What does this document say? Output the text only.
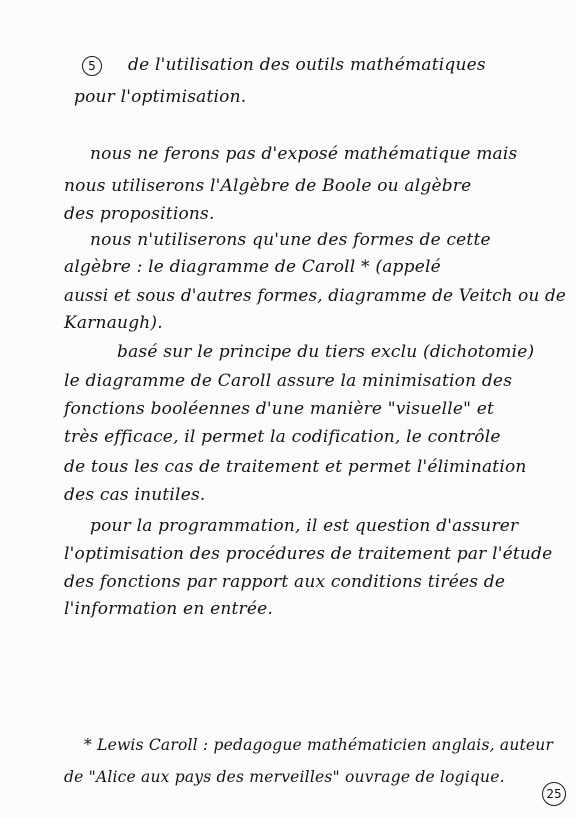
5	de l'utilisation des outils mathématiques
pour l'optimisation.
nous ne ferons pas d'exposé mathématique mais
nous utiliserons l'Algèbre de Boole ou algèbre
des propositions.
nous n'utiliserons qu'une des formes de cette
algèbre : le diagramme de Caroll * (appelé
aussi et sous d'autres formes, diagramme de Veitch ou de
Karnaugh).
basé sur le principe du tiers exclu (dichotomie)
le diagramme de Caroll assure la minimisation des
fonctions booléennes d'une manière "visuelle" et
très efficace, il permet la codification, le contrôle
de tous les cas de traitement et permet l'élimination
des cas inutiles.
pour la programmation, il est question d'assurer
l'optimisation des procédures de traitement par l'étude
des fonctions par rapport aux conditions tirées de
l'information en entrée.
* Lewis Caroll : pedagogue mathématicien anglais, auteur
de "Alice aux pays des merveilles" ouvrage de logique.
25
